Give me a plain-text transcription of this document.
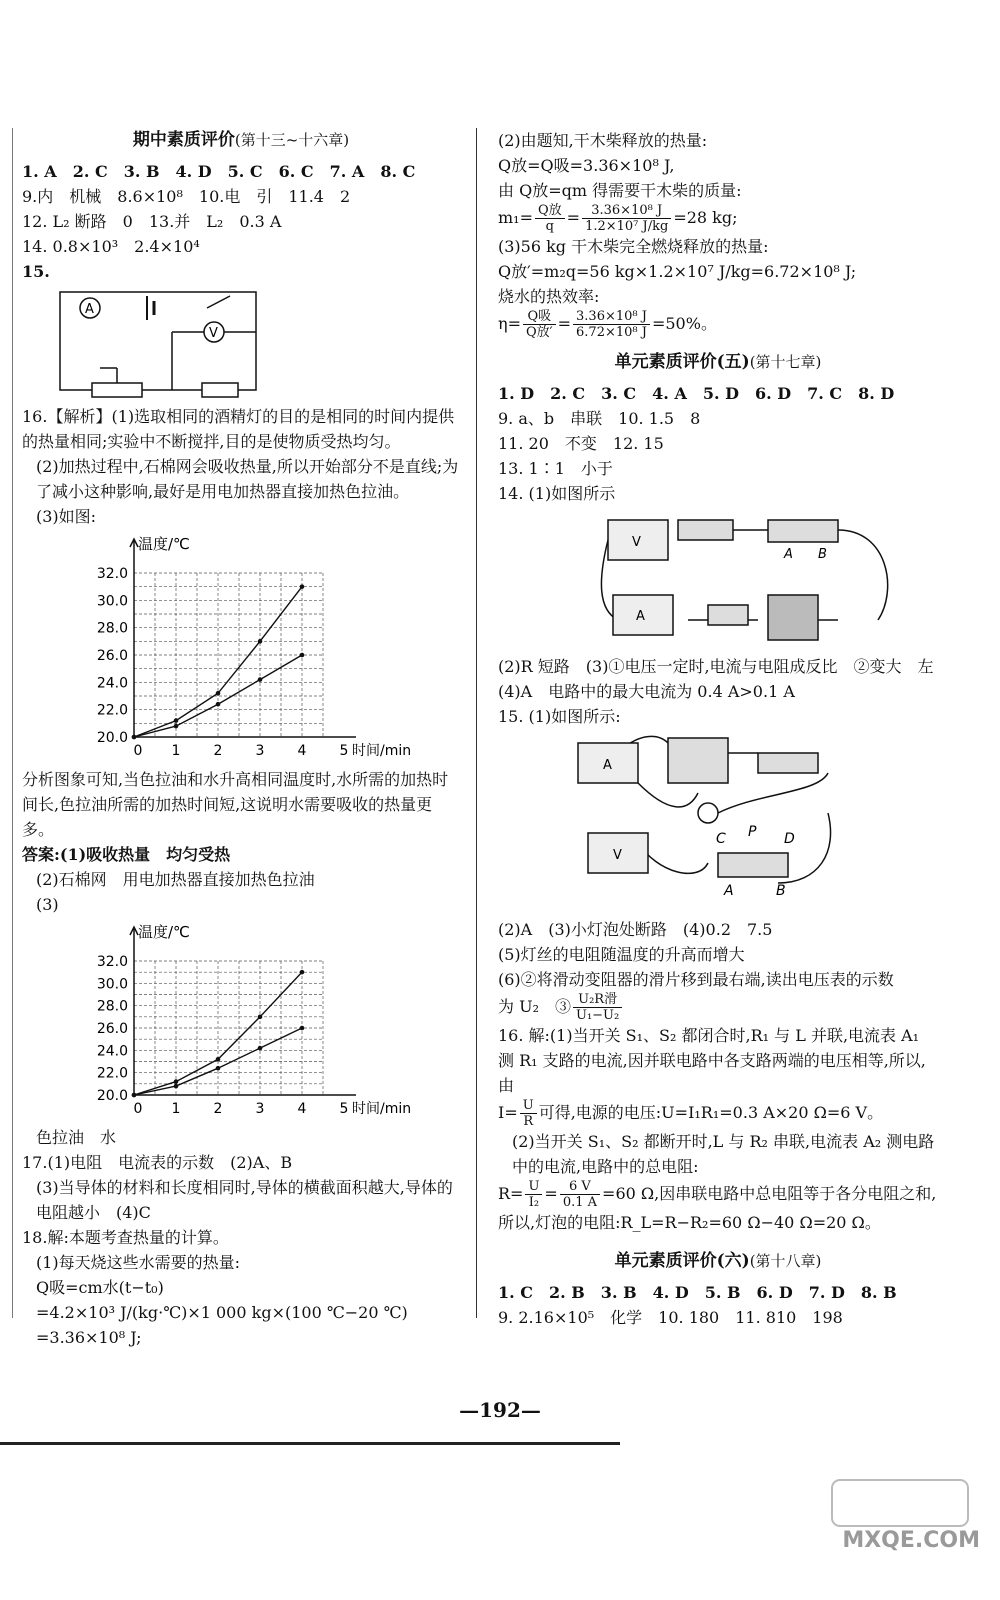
期中素质评价(第十三~十六章)

1. A　2. C　3. B　4. D　5. C　6. C　7. A　8. C

9.内　机械　8.6×10⁸　10.电　引　11.4　2

12. L₂ 断路　0　13.并　L₂　0.3 A

14. 0.8×10³　2.4×10⁴

15.

A
V

16.【解析】(1)选取相同的酒精灯的目的是相同的时间内提供的热量相同;实验中不断搅拌,目的是使物质受热均匀。

(2)加热过程中,石棉网会吸收热量,所以开始部分不是直线;为了减小这种影响,最好是用电加热器直接加热色拉油。

(3)如图:

20.0
22.0
24.0
26.0
28.0
30.0
32.0
0 1 2 3 4 5
温度/℃
时间/min

分析图象可知,当色拉油和水升高相同温度时,水所需的加热时间长,色拉油所需的加热时间短,这说明水需要吸收的热量更多。

答案:(1)吸收热量　均匀受热

(2)石棉网　用电加热器直接加热色拉油

(3)

20.0
22.0
24.0
26.0
28.0
30.0
32.0
0 1 2 3 4 5
温度/℃
时间/min

色拉油　水

17.(1)电阻　电流表的示数　(2)A、B

(3)当导体的材料和长度相同时,导体的横截面积越大,导体的电阻越小　(4)C

18.解:本题考查热量的计算。

(1)每天烧这些水需要的热量:

Q吸=cm水(t−t₀)

=4.2×10³ J/(kg·℃)×1 000 kg×(100 ℃−20 ℃)

=3.36×10⁸ J;

(2)由题知,干木柴释放的热量:

Q放=Q吸=3.36×10⁸ J,

由 Q放=qm 得需要干木柴的质量:

$m_1= \frac{\text{Q放}}{q} = \frac{\text{3.36×10⁸ J}}{\text{1.2×10⁷ J/kg}} =28$ kg;

(3)56 kg 干木柴完全燃烧释放的热量:

Q放′=m₂q=56 kg×1.2×10⁷ J/kg=6.72×10⁸ J;

烧水的热效率:

$\eta= \frac{\text{Q吸}}{\text{Q放′}} = \frac{\text{3.36×10⁸ J}}{\text{6.72×10⁸ J}} =50\%$。

单元素质评价(五)(第十七章)

1. D　2. C　3. C　4. A　5. D　6. D　7. C　8. D

9. a、b　串联　10. 1.5　8

11. 20　不变　12. 15

13. 1∶1　小于

14. (1)如图所示

V
A
A B

(2)R 短路　(3)①电压一定时,电流与电阻成反比　②变大　左

(4)A　电路中的最大电流为 0.4 A>0.1 A

15. (1)如图所示:

A
V
C P D
A	B

(2)A　(3)小灯泡处断路　(4)0.2　7.5

(5)灯丝的电阻随温度的升高而增大

(6)②将滑动变阻器的滑片移到最右端,读出电压表的示数

为 U₂　③ $\frac{\text{U₂R滑}}{\text{U₁−U₂}}$

16. 解:(1)当开关 S₁、S₂ 都闭合时,R₁ 与 L 并联,电流表 A₁ 测 R₁ 支路的电流,因并联电路中各支路两端的电压相等,所以,由

$I= \frac{U}{R}$ 可得,电源的电压:U=I₁R₁=0.3 A×20 Ω=6 V。

(2)当开关 S₁、S₂ 都断开时,L 与 R₂ 串联,电流表 A₂ 测电路中的电流,电路中的总电阻:

$R= \frac{U}{\text{I₂}} = \frac{6 V}{0.1 A} =60$ Ω,因串联电路中总电阻等于各分电阻之和,所以,灯泡的电阻:R_L=R−R₂=60 Ω−40 Ω=20 Ω。

单元素质评价(六)(第十八章)

1. C　2. B　3. B　4. D　5. B　6. D　7. D　8. B

9. 2.16×10⁵　化学　10. 180　11. 810　198

—192—
MXQE.COM
